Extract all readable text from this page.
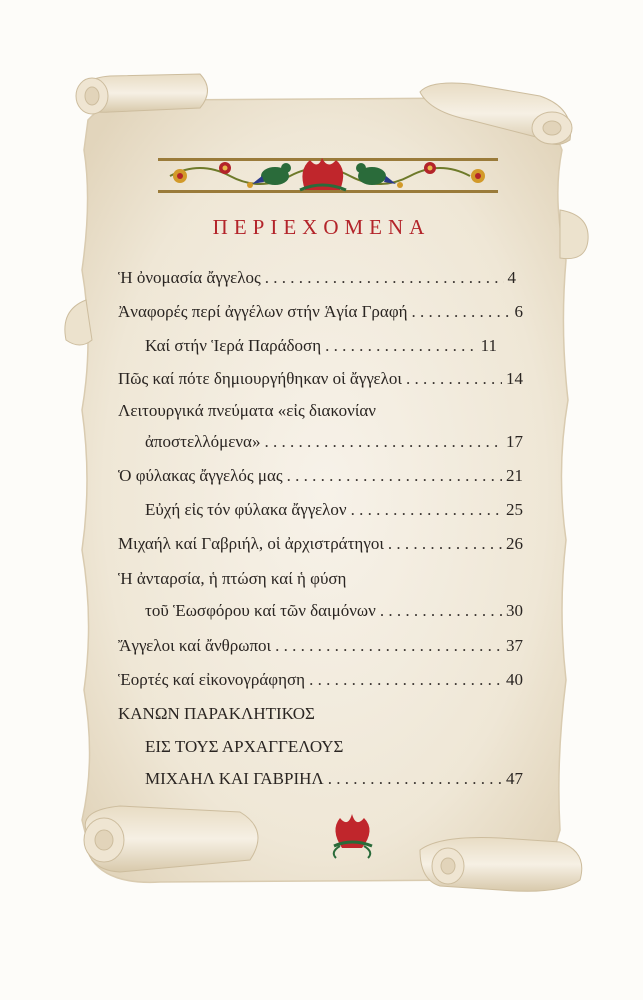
ΠΕΡΙΕΧΟΜΕΝΑ
Ἡ ὀνομασία ἄγγελος . . .	4
Ἀναφορές περί ἀγγέλων στήν Ἁγία Γραφή . . .	6
Καί στήν Ἱερά Παράδοση . . .	11
Πῶς καί πότε δημιουργήθηκαν οἱ ἄγγελοι . . .	14
Λειτουργικά πνεύματα «εἰς διακονίαν
ἀποστελλόμενα» . . .	17
Ὁ φύλακας ἄγγελός μας . . .	21
Εὐχή εἰς τόν φύλακα ἄγγελον . . .	25
Μιχαήλ καί Γαβριήλ, οἱ ἀρχιστράτηγοι . . .	26
Ἡ ἀνταρσία, ἡ πτώση καί ἡ φύση
τοῦ Ἑωσφόρου καί τῶν δαιμόνων . . .	30
Ἄγγελοι καί ἄνθρωποι . . .	37
Ἑορτές καί εἰκονογράφηση . . .	40
ΚΑΝΩΝ ΠΑΡΑΚΛΗΤΙΚΟΣ
ΕΙΣ ΤΟΥΣ ΑΡΧΑΓΓΕΛΟΥΣ
ΜΙΧΑΗΛ ΚΑΙ ΓΑΒΡΙΗΛ . . .	47
